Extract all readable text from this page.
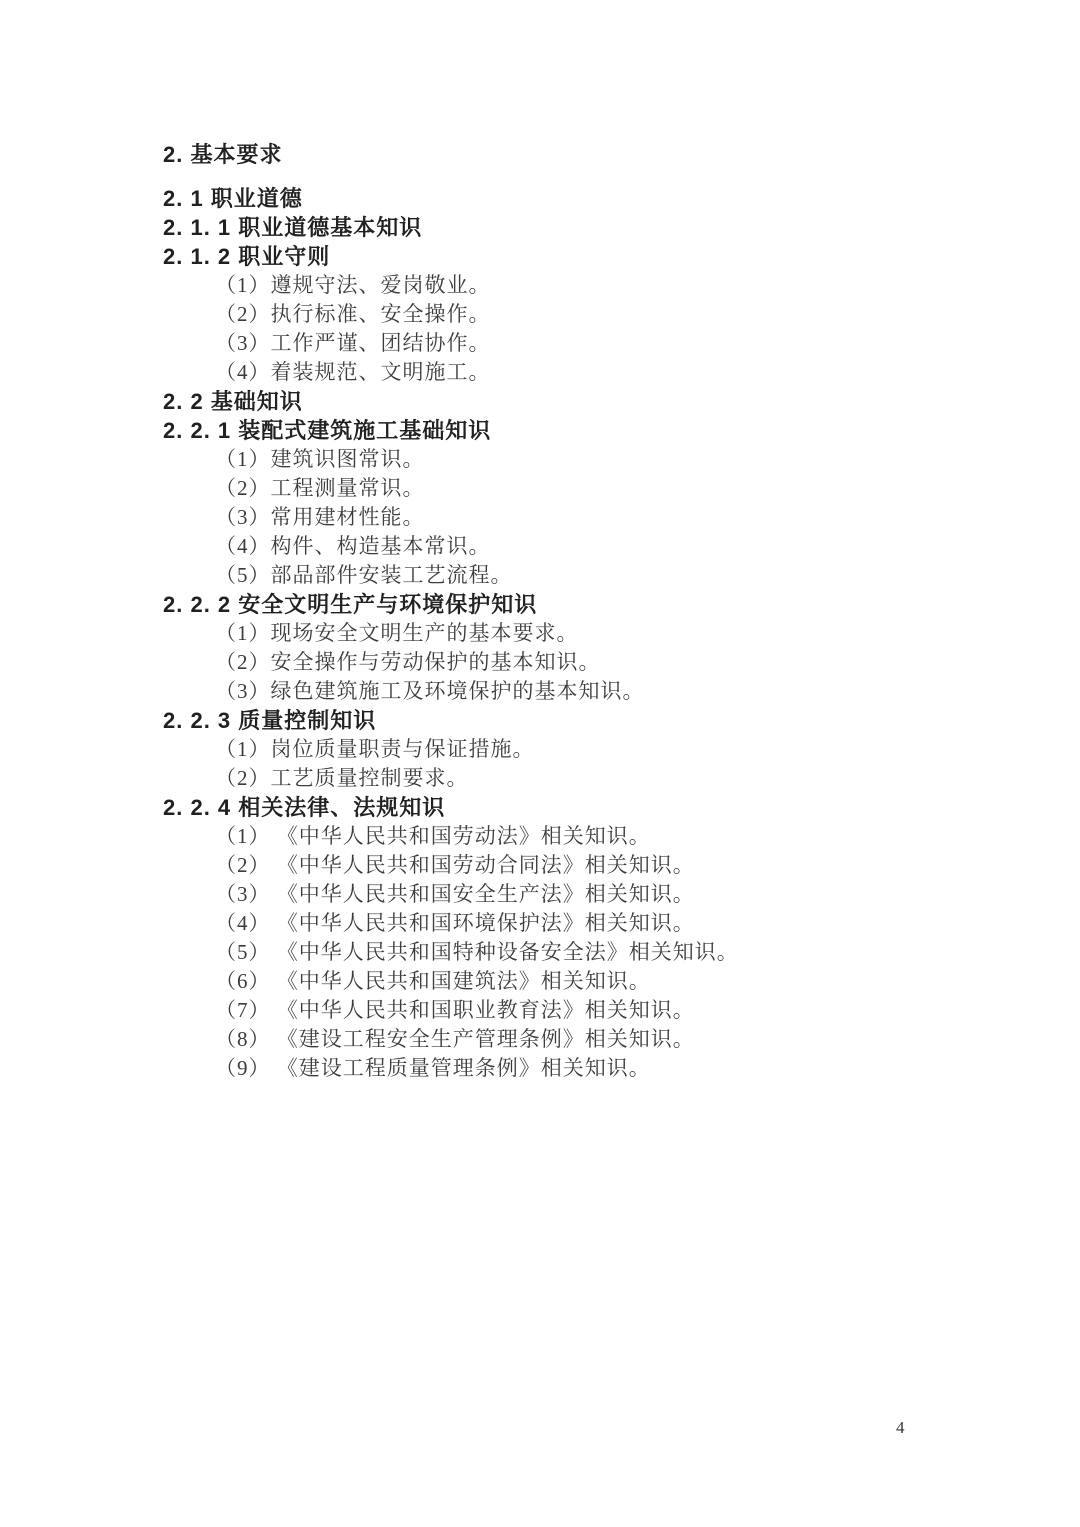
2. 基本要求
2. 1 职业道德
2. 1. 1 职业道德基本知识
2. 1. 2 职业守则
（1）遵规守法、爱岗敬业。
（2）执行标准、安全操作。
（3）工作严谨、团结协作。
（4）着装规范、文明施工。
2. 2 基础知识
2. 2. 1 装配式建筑施工基础知识
（1）建筑识图常识。
（2）工程测量常识。
（3）常用建材性能。
（4）构件、构造基本常识。
（5）部品部件安装工艺流程。
2. 2. 2 安全文明生产与环境保护知识
（1）现场安全文明生产的基本要求。
（2）安全操作与劳动保护的基本知识。
（3）绿色建筑施工及环境保护的基本知识。
2. 2. 3 质量控制知识
（1）岗位质量职责与保证措施。
（2）工艺质量控制要求。
2. 2. 4 相关法律、法规知识
（1） 《中华人民共和国劳动法》相关知识。
（2） 《中华人民共和国劳动合同法》相关知识。
（3） 《中华人民共和国安全生产法》相关知识。
（4） 《中华人民共和国环境保护法》相关知识。
（5） 《中华人民共和国特种设备安全法》相关知识。
（6） 《中华人民共和国建筑法》相关知识。
（7） 《中华人民共和国职业教育法》相关知识。
（8） 《建设工程安全生产管理条例》相关知识。
（9） 《建设工程质量管理条例》相关知识。
4
